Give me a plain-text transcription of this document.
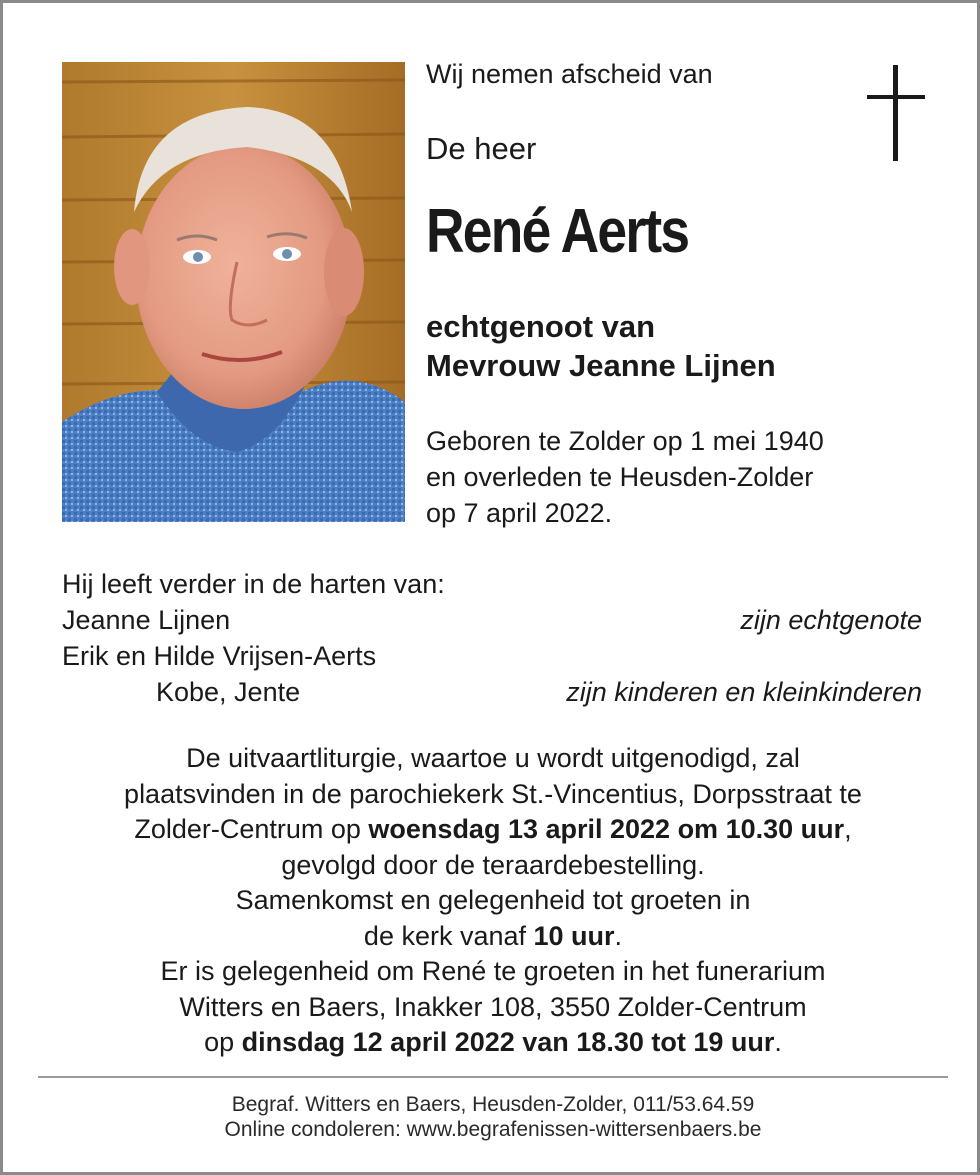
Wij nemen afscheid van
De heer
René Aerts
echtgenoot van
Mevrouw Jeanne Lijnen
Geboren te Zolder op 1 mei 1940
en overleden te Heusden-Zolder
op 7 april 2022.
Hij leeft verder in de harten van:
Jeanne Lijnen	zijn echtgenote
Erik en Hilde Vrijsen-Aerts
Kobe, Jente	zijn kinderen en kleinkinderen
De uitvaartliturgie, waartoe u wordt uitgenodigd, zal
plaatsvinden in de parochiekerk St.-Vincentius, Dorpsstraat te
Zolder-Centrum op woensdag 13 april 2022 om 10.30 uur,
gevolgd door de teraardebestelling.
Samenkomst en gelegenheid tot groeten in
de kerk vanaf 10 uur.
Er is gelegenheid om René te groeten in het funerarium
Witters en Baers, Inakker 108, 3550 Zolder-Centrum
op dinsdag 12 april 2022 van 18.30 tot 19 uur.
Begraf. Witters en Baers, Heusden-Zolder, 011/53.64.59
Online condoleren: www.begrafenissen-wittersenbaers.be
